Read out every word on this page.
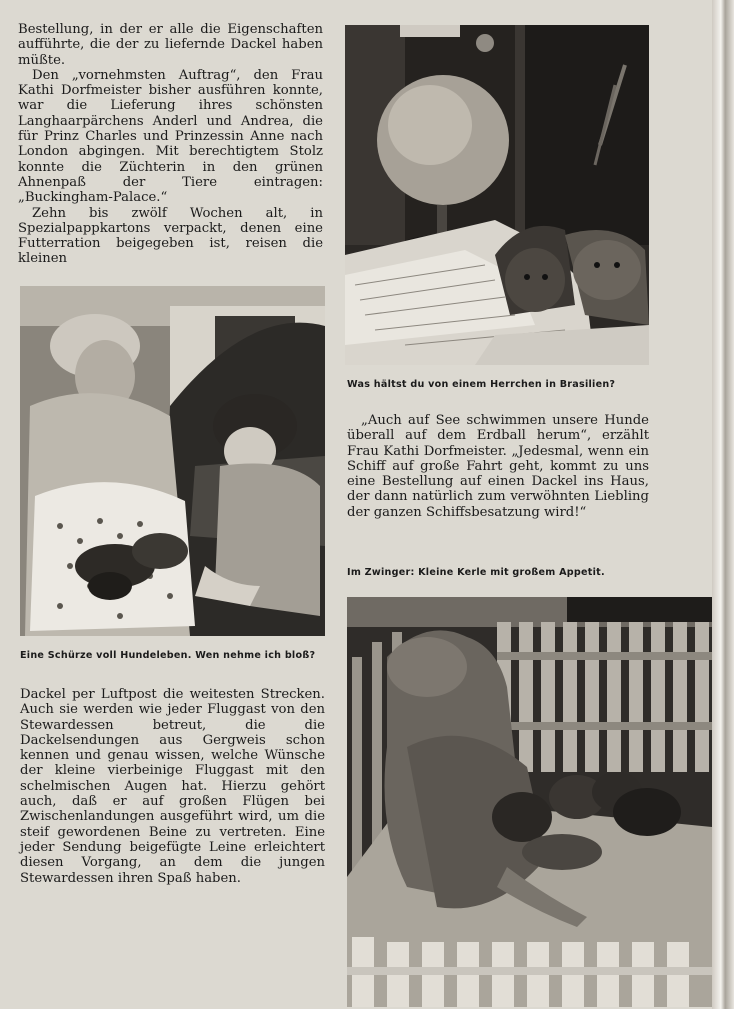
Bestellung, in der er alle die Eigenschaften aufführte, die der zu liefernde Dackel haben müßte.

Den „vornehmsten Auftrag“, den Frau Kathi Dorfmeister bisher ausführen konnte, war die Lieferung ihres schönsten Langhaarpärchens Anderl und Andrea, die für Prinz Charles und Prinzessin Anne nach London abgingen. Mit berechtigtem Stolz konnte die Züchterin in den grünen Ahnenpaß der Tiere eintragen: „Buckingham-Palace.“

Zehn bis zwölf Wochen alt, in Spezialpappkartons verpackt, denen eine Futterration beigegeben ist, reisen die kleinen

Eine Schürze voll Hundeleben. Wen nehme ich bloß?

Dackel per Luftpost die weitesten Strecken. Auch sie werden wie jeder Fluggast von den Stewardessen betreut, die die Dackelsendungen aus Gergweis schon kennen und genau wissen, welche Wünsche der kleine vierbeinige Fluggast mit den schelmischen Augen hat. Hierzu gehört auch, daß er auf großen Flügen bei Zwischenlandungen ausgeführt wird, um die steif gewordenen Beine zu vertreten. Eine jeder Sendung beigefügte Leine erleichtert diesen Vorgang, an dem die jungen Stewardessen ihren Spaß haben.

Was hältst du von einem Herrchen in Brasilien?

„Auch auf See schwimmen unsere Hunde überall auf dem Erdball herum“, erzählt Frau Kathi Dorfmeister. „Jedesmal, wenn ein Schiff auf große Fahrt geht, kommt zu uns eine Bestellung auf einen Dackel ins Haus, der dann natürlich zum verwöhnten Liebling der ganzen Schiffsbesatzung wird!“

Im Zwinger: Kleine Kerle mit großem Appetit.
